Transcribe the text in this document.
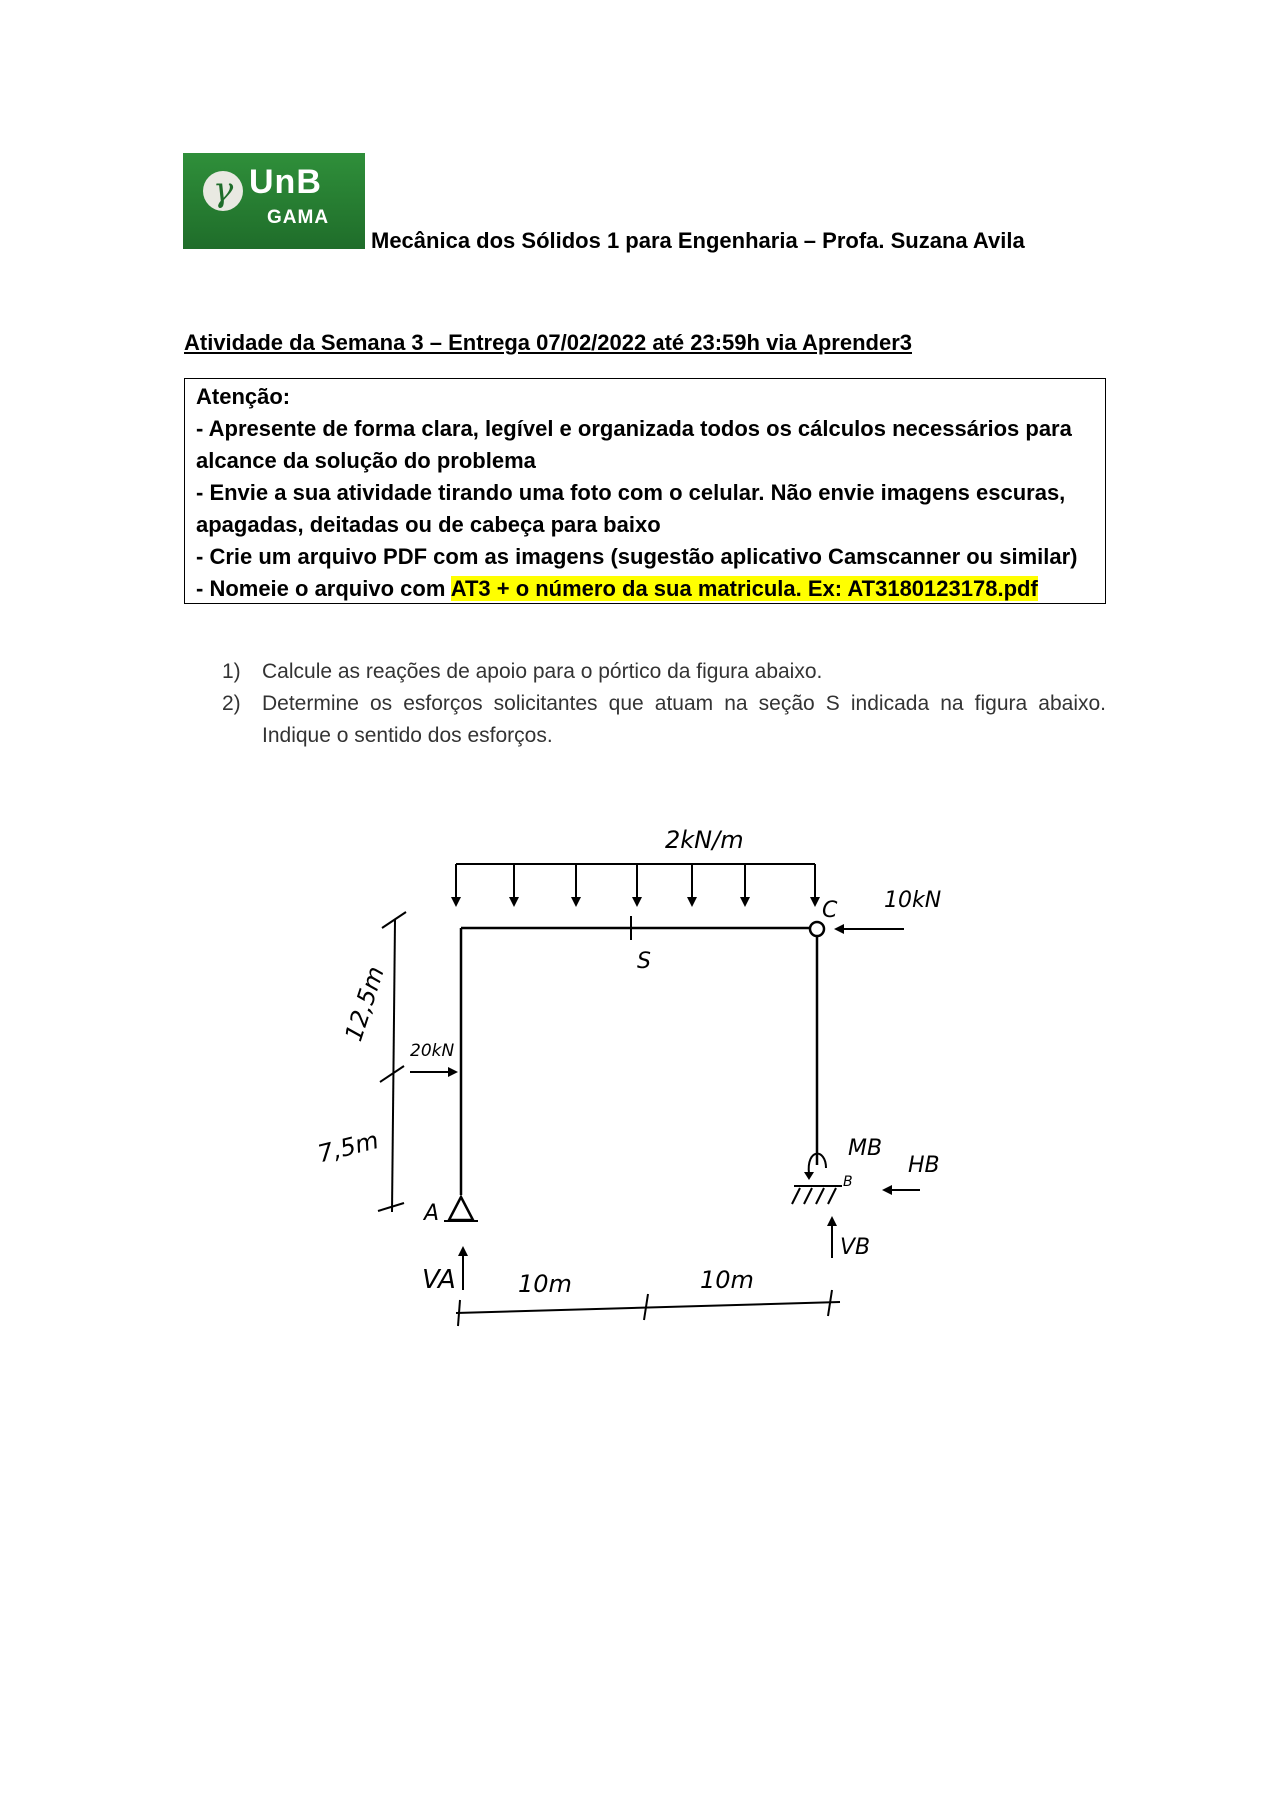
γ UnB
GAMA
Mecânica dos Sólidos 1 para Engenharia – Profa. Suzana Avila
Atividade da Semana 3 – Entrega 07/02/2022 até 23:59h via Aprender3
Atenção:
- Apresente de forma clara, legível e organizada todos os cálculos necessários para
alcance da solução do problema
- Envie a sua atividade tirando uma foto com o celular. Não envie imagens escuras,
apagadas, deitadas ou de cabeça para baixo
- Crie um arquivo PDF com as imagens (sugestão aplicativo Camscanner ou similar)
- Nomeie o arquivo com AT3 + o número da sua matricula. Ex: AT3180123178.pdf
1) Calcule as reações de apoio para o pórtico da figura abaixo.
2) Determine os esforços solicitantes que atuam na seção S indicada na figura abaixo. Indique o sentido dos esforços.
2kN/m
C 10kN
S
20kN
12,5m
7,5m
A
VA
B
MB
HB
VB
10m	10m
